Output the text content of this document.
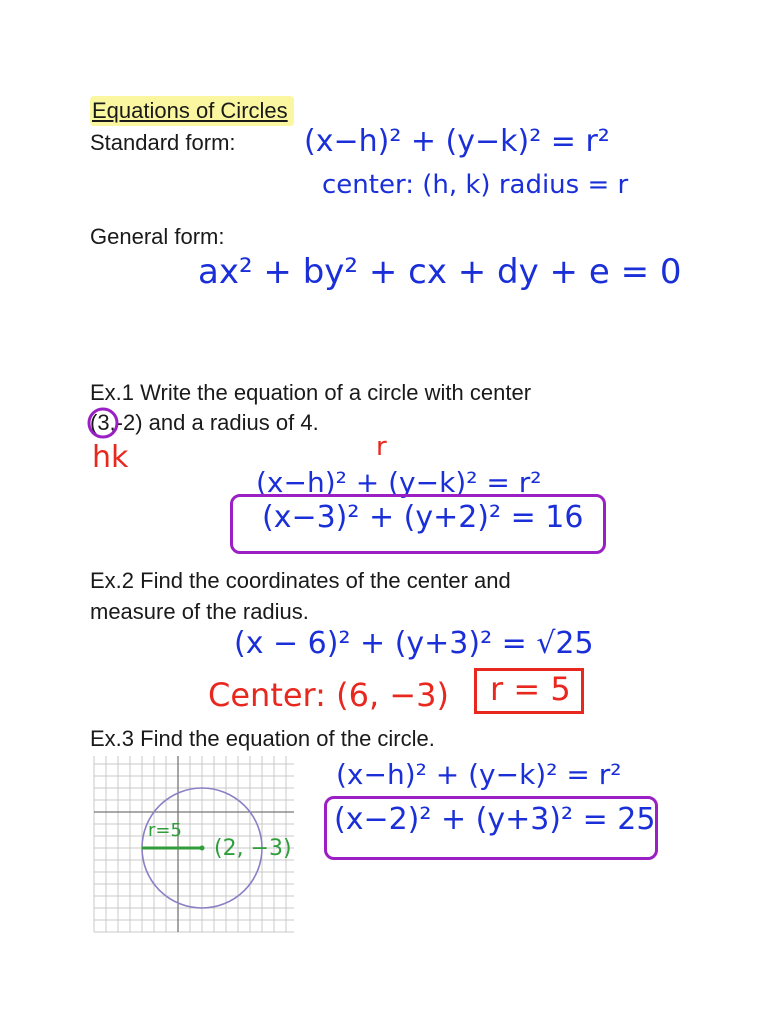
Equations of Circles
Standard form: (x−h)² + (y−k)² = r²
center: (h, k) radius = r
General form:
ax² + by² + cx + dy + e = 0
Ex.1 Write the equation of a circle with center
(3,-2) and a radius of 4.
hk	r
(x−h)² + (y−k)² = r²
(x−3)² + (y+2)² = 16
Ex.2 Find the coordinates of the center and
measure of the radius.
(x − 6)² + (y+3)² = √25
Center: (6, −3) r = 5
Ex.3 Find the equation of the circle.
(x−h)² + (y−k)² = r²
(x−2)² + (y+3)² = 25
r=5
(2, −3)
